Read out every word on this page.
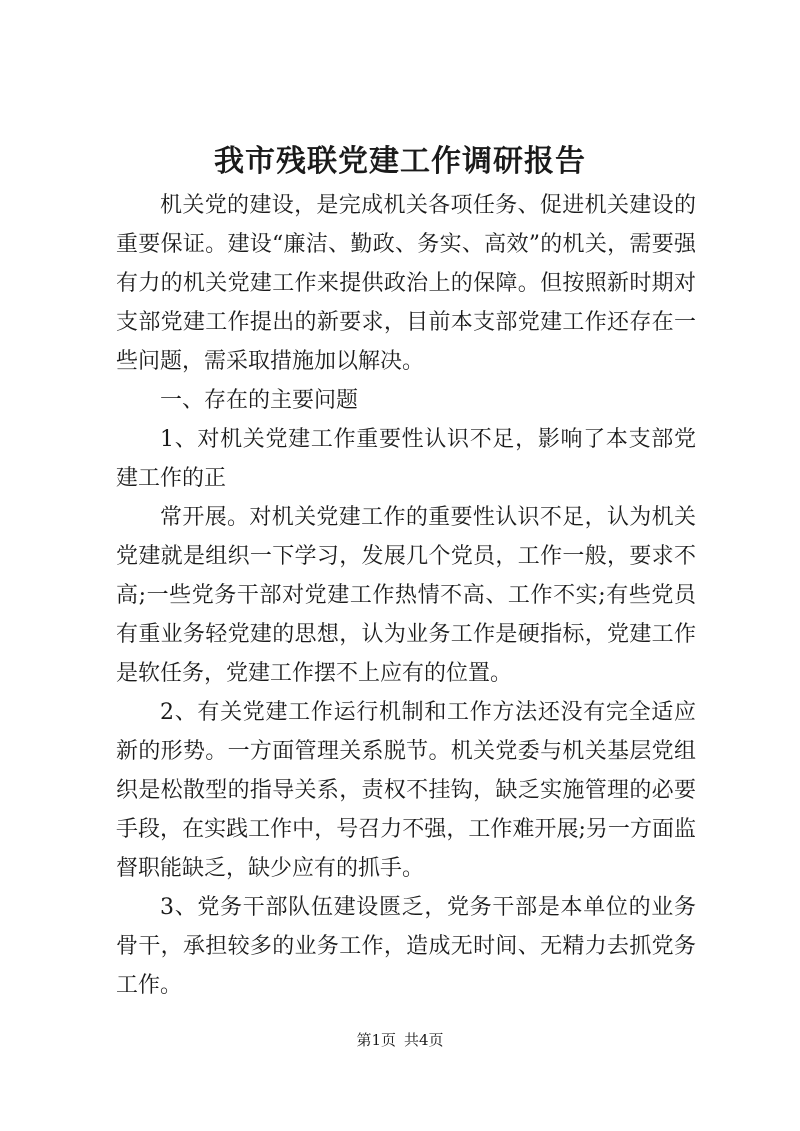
我市残联党建工作调研报告

机关党的建设，是完成机关各项任务、促进机关建设的重要保证。建设“廉洁、勤政、务实、高效”的机关，需要强有力的机关党建工作来提供政治上的保障。但按照新时期对支部党建工作提出的新要求，目前本支部党建工作还存在一些问题，需采取措施加以解决。

一、存在的主要问题

1、对机关党建工作重要性认识不足，影响了本支部党建工作的正

常开展。对机关党建工作的重要性认识不足，认为机关党建就是组织一下学习，发展几个党员，工作一般，要求不高;一些党务干部对党建工作热情不高、工作不实;有些党员有重业务轻党建的思想，认为业务工作是硬指标，党建工作是软任务，党建工作摆不上应有的位置。

2、有关党建工作运行机制和工作方法还没有完全适应新的形势。一方面管理关系脱节。机关党委与机关基层党组织是松散型的指导关系，责权不挂钩，缺乏实施管理的必要手段，在实践工作中，号召力不强，工作难开展;另一方面监督职能缺乏，缺少应有的抓手。

3、党务干部队伍建设匮乏，党务干部是本单位的业务骨干，承担较多的业务工作，造成无时间、无精力去抓党务工作。

第1页 共4页
